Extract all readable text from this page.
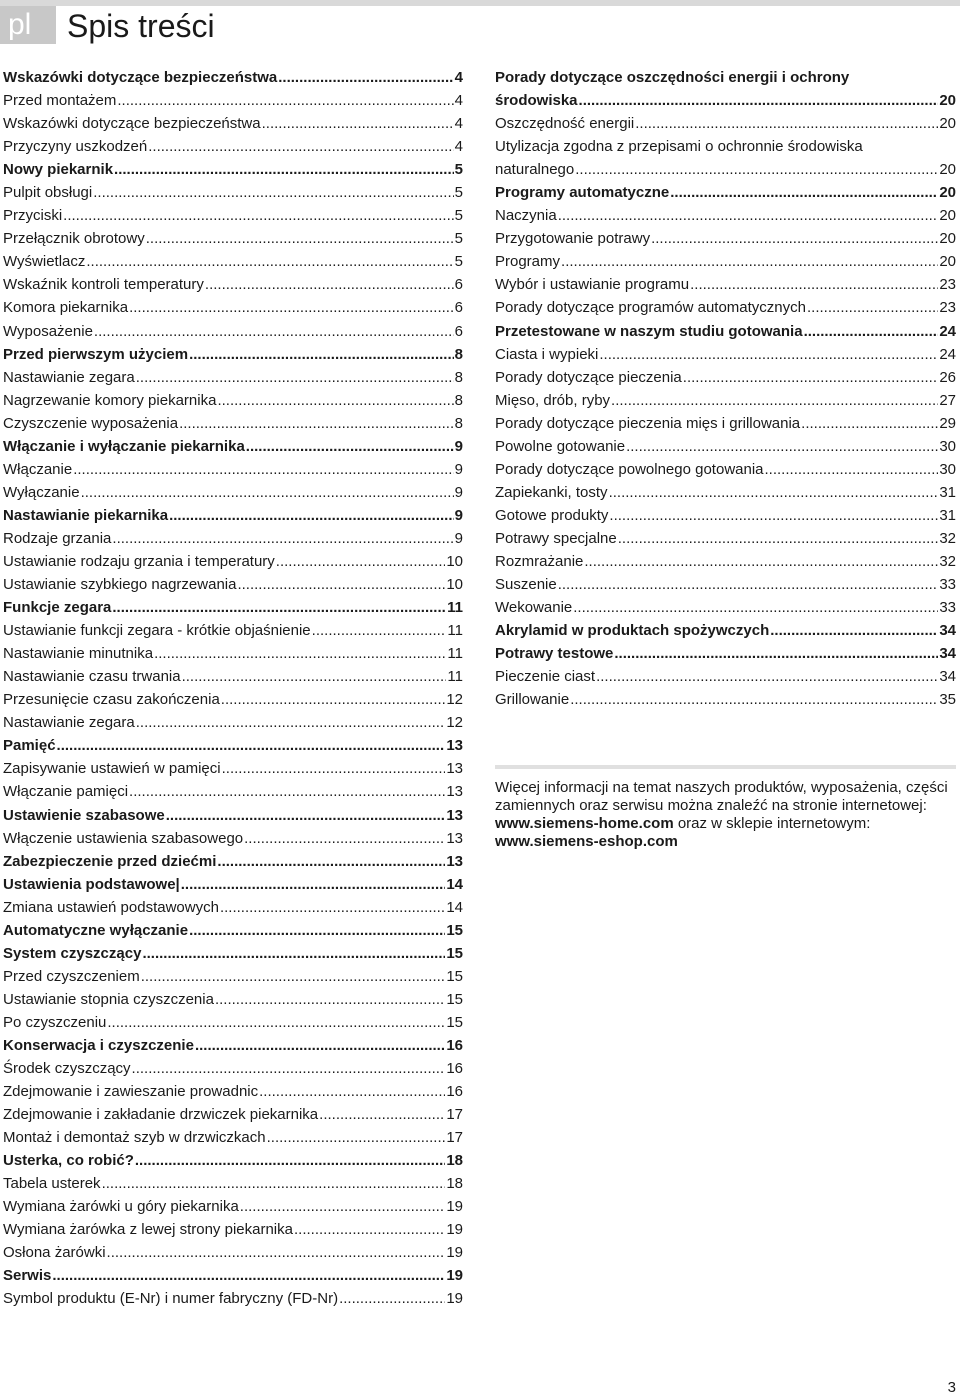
pl	Spis treści
Wskazówki dotyczące bezpieczeństwa .....	4
Przed montażem .....	4
Wskazówki dotyczące bezpieczeństwa .....	4
Przyczyny uszkodzeń .....	4
Nowy piekarnik .....	5
Pulpit obsługi .....	5
Przyciski .....	5
Przełącznik obrotowy .....	5
Wyświetlacz .....	5
Wskaźnik kontroli temperatury .....	6
Komora piekarnika .....	6
Wyposażenie .....	6
Przed pierwszym użyciem .....	8
Nastawianie zegara .....	8
Nagrzewanie komory piekarnika .....	8
Czyszczenie wyposażenia .....	8
Włączanie i wyłączanie piekarnika .....	9
Włączanie .....	9
Wyłączanie .....	9
Nastawianie piekarnika .....	9
Rodzaje grzania .....	9
Ustawianie rodzaju grzania i temperatury .....	10
Ustawianie szybkiego nagrzewania .....	10
Funkcje zegara .....	11
Ustawianie funkcji zegara - krótkie objaśnienie .....	11
Nastawianie minutnika .....	11
Nastawianie czasu trwania .....	11
Przesunięcie czasu zakończenia .....	12
Nastawianie zegara .....	12
Pamięć .....	13
Zapisywanie ustawień w pamięci .....	13
Włączanie pamięci .....	13
Ustawienie szabasowe .....	13
Włączenie ustawienia szabasowego .....	13
Zabezpieczenie przed dziećmi .....	13
Ustawienia podstawowe| .....	14
Zmiana ustawień podstawowych .....	14
Automatyczne wyłączanie .....	15
System czyszczący .....	15
Przed czyszczeniem .....	15
Ustawianie stopnia czyszczenia .....	15
Po czyszczeniu .....	15
Konserwacja i czyszczenie .....	16
Środek czyszczący .....	16
Zdejmowanie i zawieszanie prowadnic .....	16
Zdejmowanie i zakładanie drzwiczek piekarnika .....	17
Montaż i demontaż szyb w drzwiczkach .....	17
Usterka, co robić? .....	18
Tabela usterek .....	18
Wymiana żarówki u góry piekarnika .....	19
Wymiana żarówka z lewej strony piekarnika .....	19
Osłona żarówki .....	19
Serwis .....	19
Symbol produktu (E-Nr) i numer fabryczny (FD-Nr) .....	19
Porady dotyczące oszczędności energii i ochrony
środowiska .....	20
Oszczędność energii .....	20
Utylizacja zgodna z przepisami o ochronnie środowiska
naturalnego .....	20
Programy automatyczne .....	20
Naczynia .....	20
Przygotowanie potrawy .....	20
Programy .....	20
Wybór i ustawianie programu .....	23
Porady dotyczące programów automatycznych .....	23
Przetestowane w naszym studiu gotowania .....	24
Ciasta i wypieki .....	24
Porady dotyczące pieczenia .....	26
Mięso, drób, ryby .....	27
Porady dotyczące pieczenia mięs i grillowania .....	29
Powolne gotowanie .....	30
Porady dotyczące powolnego gotowania .....	30
Zapiekanki, tosty .....	31
Gotowe produkty .....	31
Potrawy specjalne .....	32
Rozmrażanie .....	32
Suszenie .....	33
Wekowanie .....	33
Akrylamid w produktach spożywczych .....	34
Potrawy testowe .....	34
Pieczenie ciast .....	34
Grillowanie .....	35

Więcej informacji na temat naszych produktów, wyposażenia, części zamiennych oraz serwisu można znaleźć na stronie internetowej: www.siemens-home.com oraz w sklepie internetowym: www.siemens-eshop.com

3
